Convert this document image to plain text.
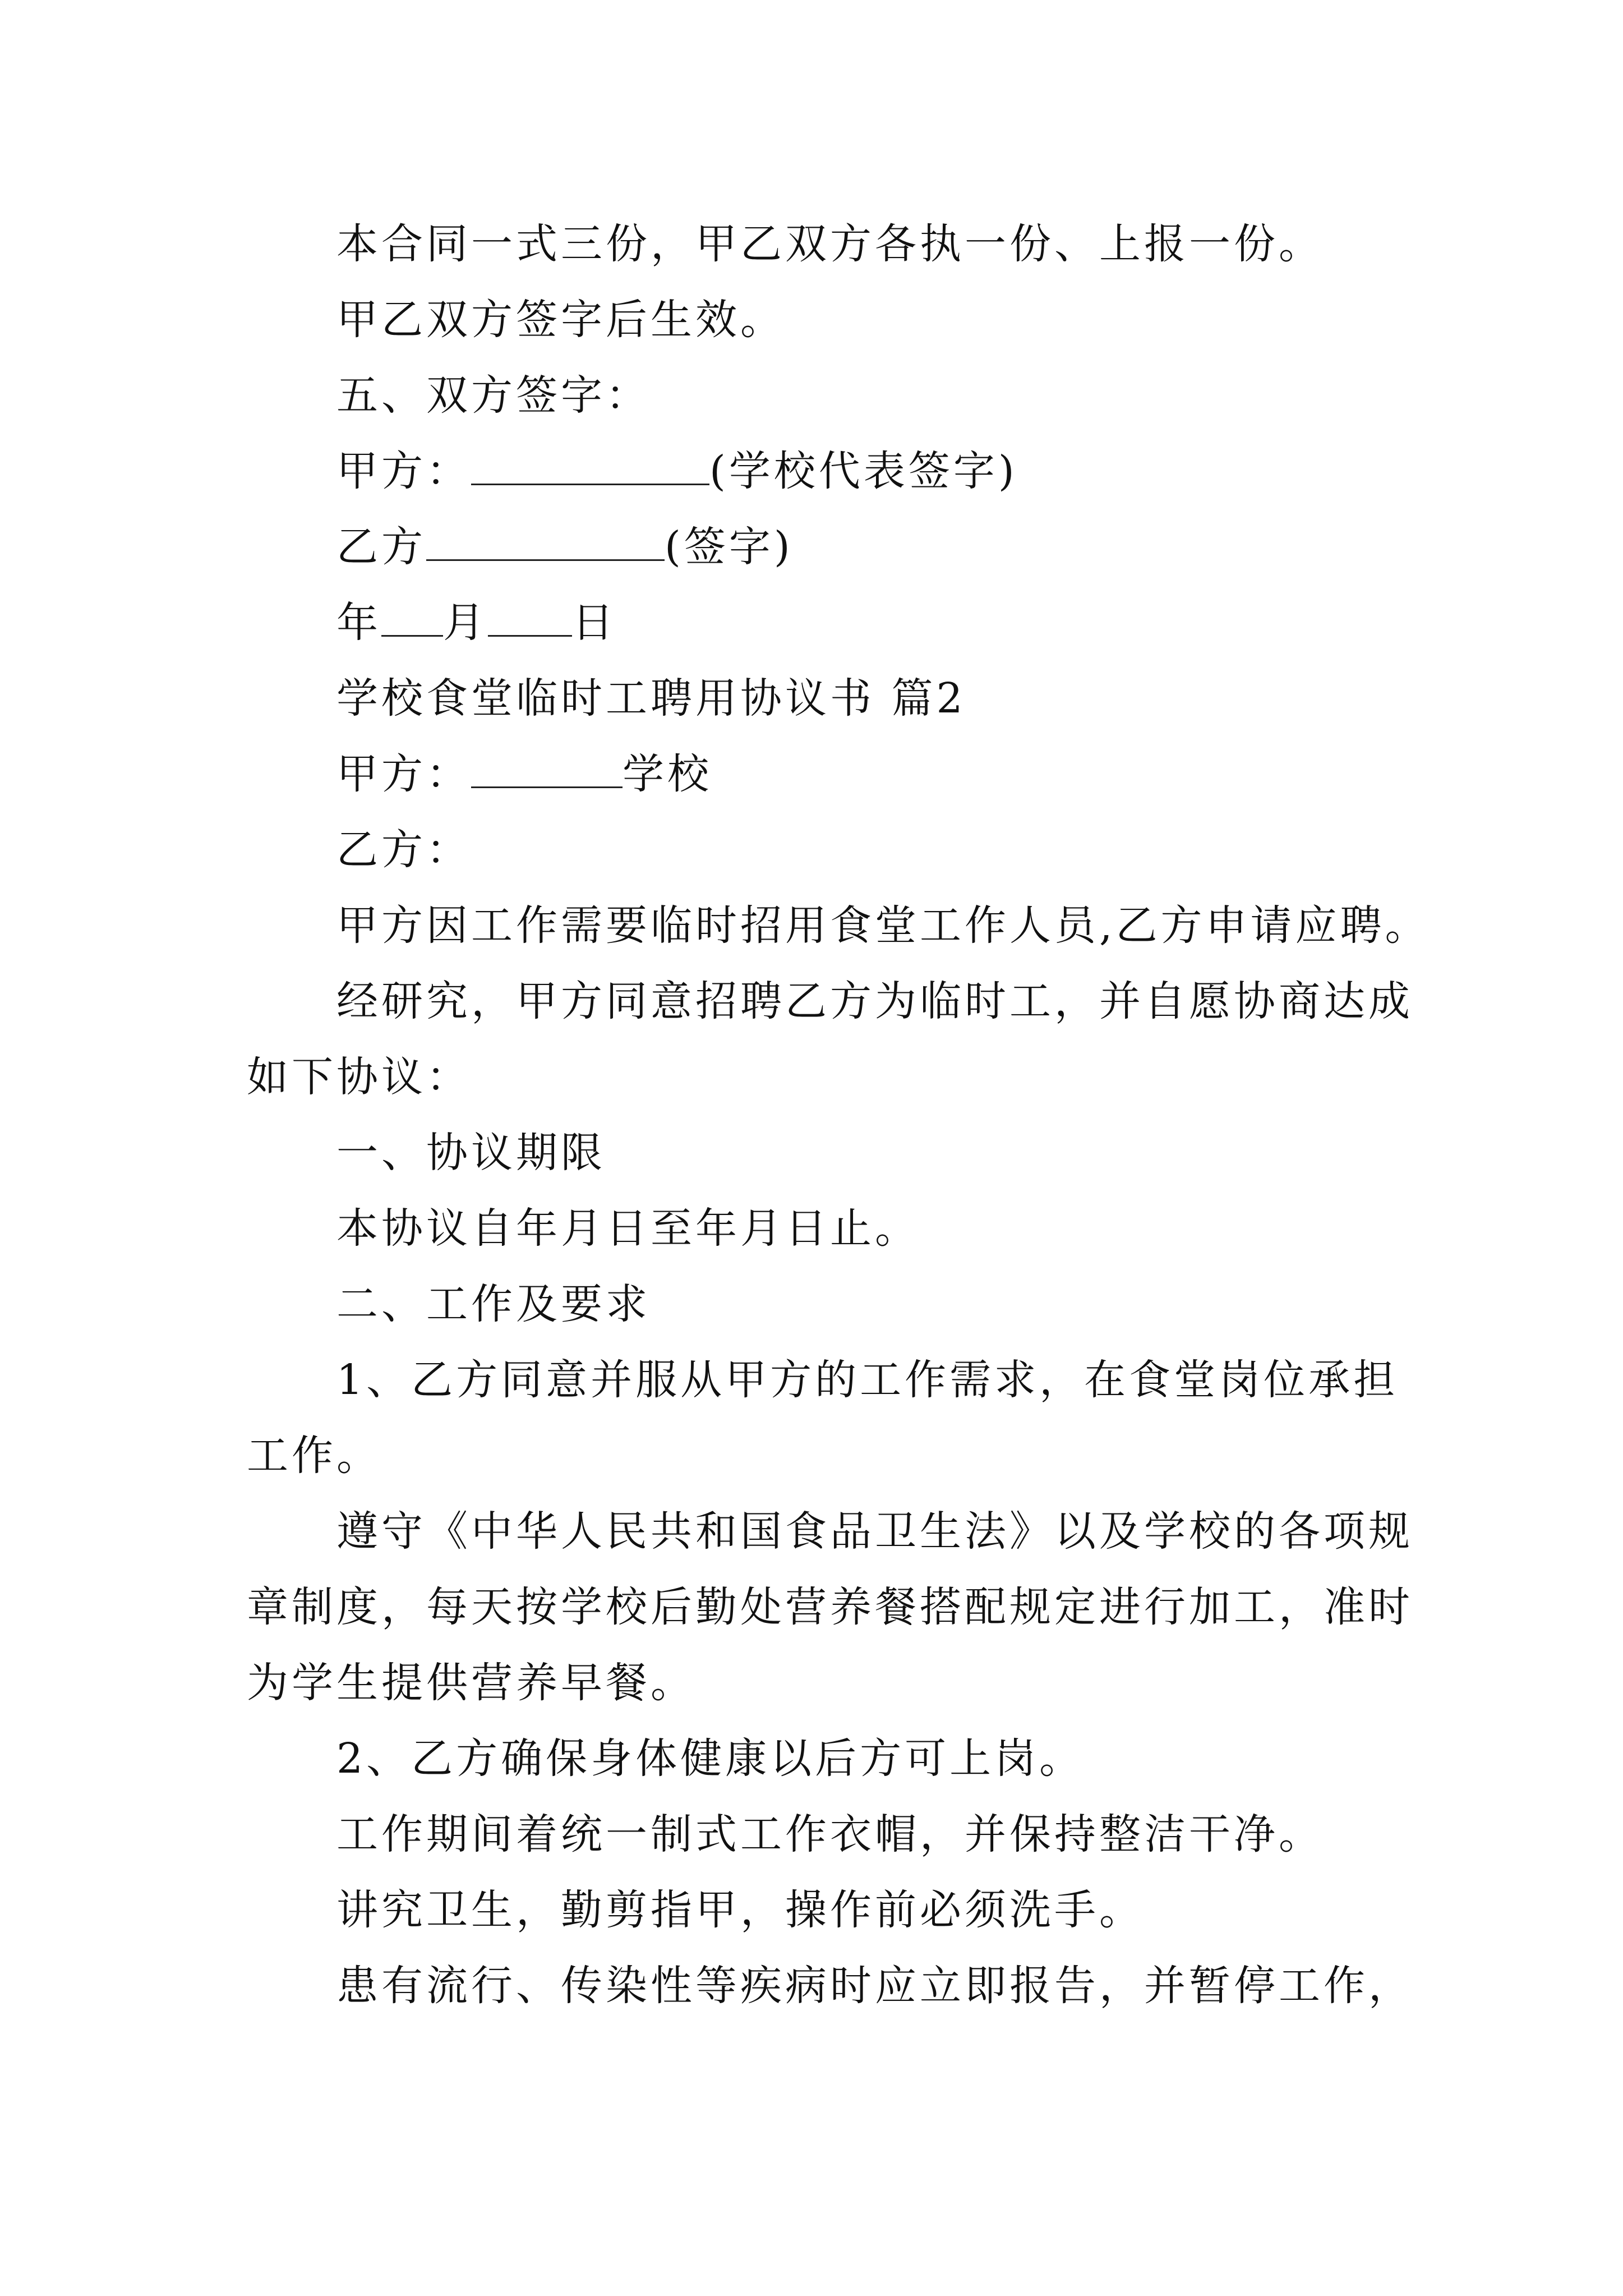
本合同一式三份，甲乙双方各执一份、上报一份。
甲乙双方签字后生效。
五、双方签字：
甲方：	(学校代表签字)
乙方	(签字)
年 月 日
学校食堂临时工聘用协议书 篇2
甲方：	学校
乙方：
甲方因工作需要临时招用食堂工作人员,乙方申请应聘。
经研究，甲方同意招聘乙方为临时工，并自愿协商达成
如下协议：
一、协议期限
本协议自年月日至年月日止。
二、工作及要求
1、乙方同意并服从甲方的工作需求，在食堂岗位承担
工作。
遵守《中华人民共和国食品卫生法》以及学校的各项规
章制度，每天按学校后勤处营养餐搭配规定进行加工，准时
为学生提供营养早餐。
2、乙方确保身体健康以后方可上岗。
工作期间着统一制式工作衣帽，并保持整洁干净。
讲究卫生，勤剪指甲，操作前必须洗手。
患有流行、传染性等疾病时应立即报告，并暂停工作，
